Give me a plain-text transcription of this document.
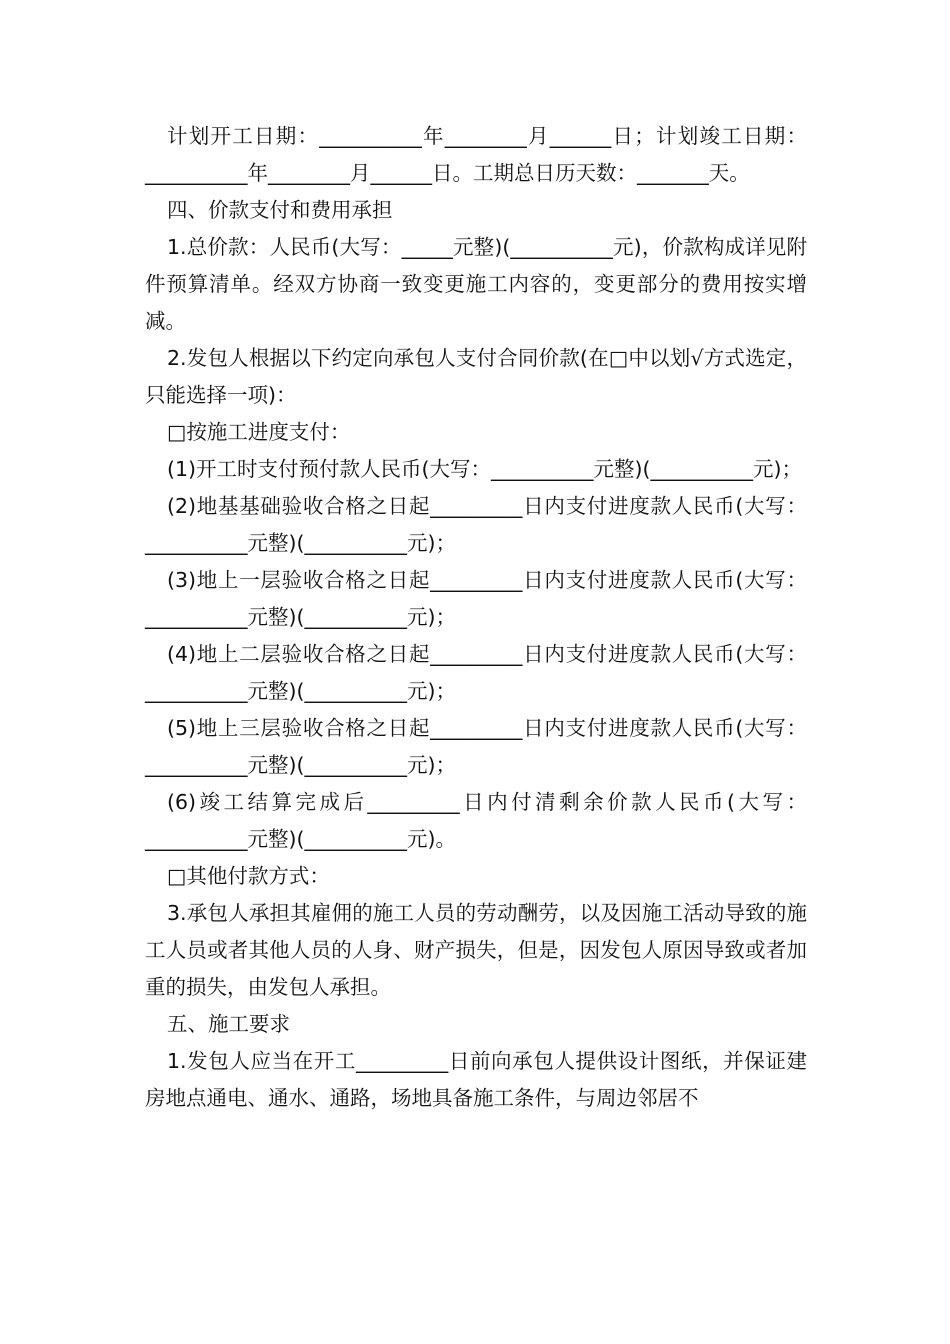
计划开工日期：__________年________月______日；计划竣工日期：__________年________月______日。工期总日历天数：_______天。

四、价款支付和费用承担

1.总价款：人民币(大写：_____元整)(__________元)，价款构成详见附件预算清单。经双方协商一致变更施工内容的，变更部分的费用按实增减。

2.发包人根据以下约定向承包人支付合同价款(在□中以划√方式选定，只能选择一项)：

□按施工进度支付：

(1)开工时支付预付款人民币(大写：__________元整)(__________元)；

(2)地基基础验收合格之日起_________日内支付进度款人民币(大写：__________元整)(__________元)；

(3)地上一层验收合格之日起_________日内支付进度款人民币(大写：__________元整)(__________元)；

(4)地上二层验收合格之日起_________日内支付进度款人民币(大写：__________元整)(__________元)；

(5)地上三层验收合格之日起_________日内支付进度款人民币(大写：__________元整)(__________元)；

(6)竣工结算完成后_________日内付清剩余价款人民币(大写：__________元整)(__________元)。

□其他付款方式：

3.承包人承担其雇佣的施工人员的劳动酬劳，以及因施工活动导致的施工人员或者其他人员的人身、财产损失，但是，因发包人原因导致或者加重的损失，由发包人承担。

五、施工要求

1.发包人应当在开工_________日前向承包人提供设计图纸，并保证建房地点通电、通水、通路，场地具备施工条件，与周边邻居不
